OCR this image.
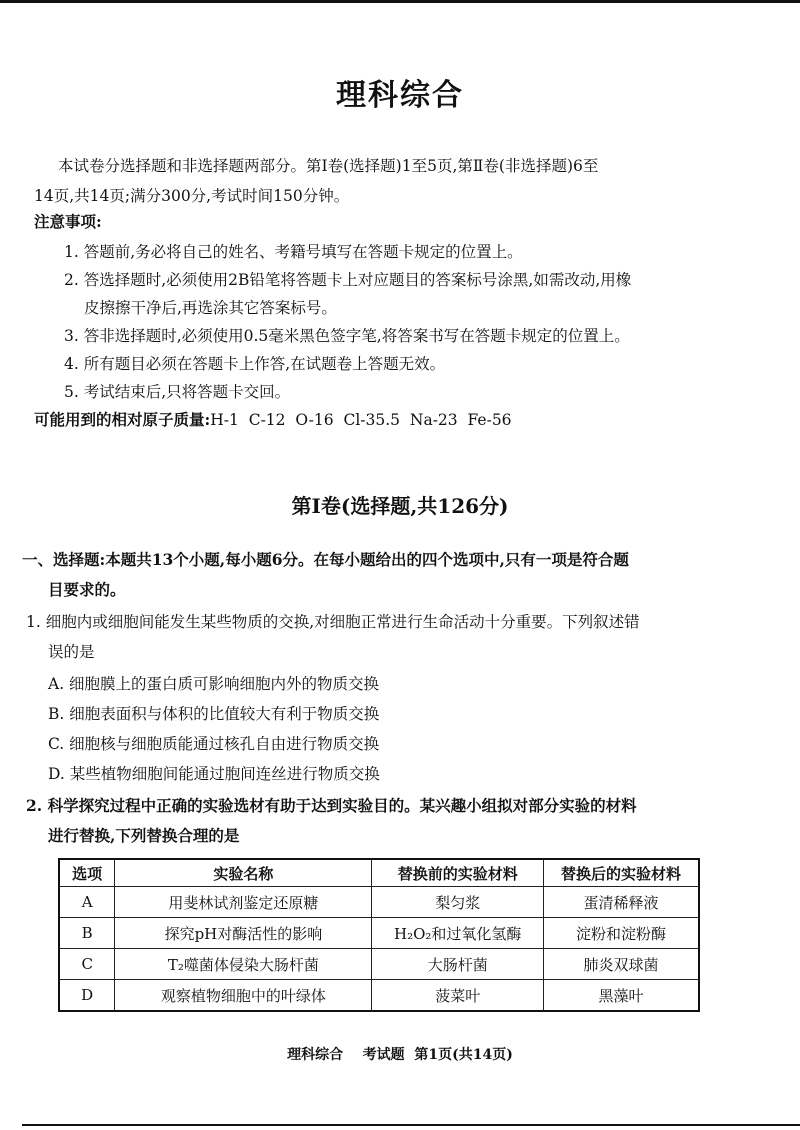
理科综合
本试卷分选择题和非选择题两部分。第Ⅰ卷(选择题)1至5页,第Ⅱ卷(非选择题)6至
14页,共14页;满分300分,考试时间150分钟。
注意事项:
1. 答题前,务必将自己的姓名、考籍号填写在答题卡规定的位置上。
2. 答选择题时,必须使用2B铅笔将答题卡上对应题目的答案标号涂黑,如需改动,用橡
皮擦擦干净后,再选涂其它答案标号。
3. 答非选择题时,必须使用0.5毫米黑色签字笔,将答案书写在答题卡规定的位置上。
4. 所有题目必须在答题卡上作答,在试题卷上答题无效。
5. 考试结束后,只将答题卡交回。
可能用到的相对原子质量:H-1  C-12  O-16  Cl-35.5  Na-23  Fe-56
第Ⅰ卷(选择题,共126分)
一、选择题:本题共13个小题,每小题6分。在每小题给出的四个选项中,只有一项是符合题
目要求的。
1. 细胞内或细胞间能发生某些物质的交换,对细胞正常进行生命活动十分重要。下列叙述错
误的是
A. 细胞膜上的蛋白质可影响细胞内外的物质交换
B. 细胞表面积与体积的比值较大有利于物质交换
C. 细胞核与细胞质能通过核孔自由进行物质交换
D. 某些植物细胞间能通过胞间连丝进行物质交换
2. 科学探究过程中正确的实验选材有助于达到实验目的。某兴趣小组拟对部分实验的材料
进行替换,下列替换合理的是
选项	实验名称	替换前的实验材料	替换后的实验材料
A	用斐林试剂鉴定还原糖	梨匀浆	蛋清稀释液
B	探究pH对酶活性的影响	H₂O₂和过氧化氢酶	淀粉和淀粉酶
C	T₂噬菌体侵染大肠杆菌	大肠杆菌	肺炎双球菌
D	观察植物细胞中的叶绿体	菠菜叶	黑藻叶
理科综合    考试题  第1页(共14页)
